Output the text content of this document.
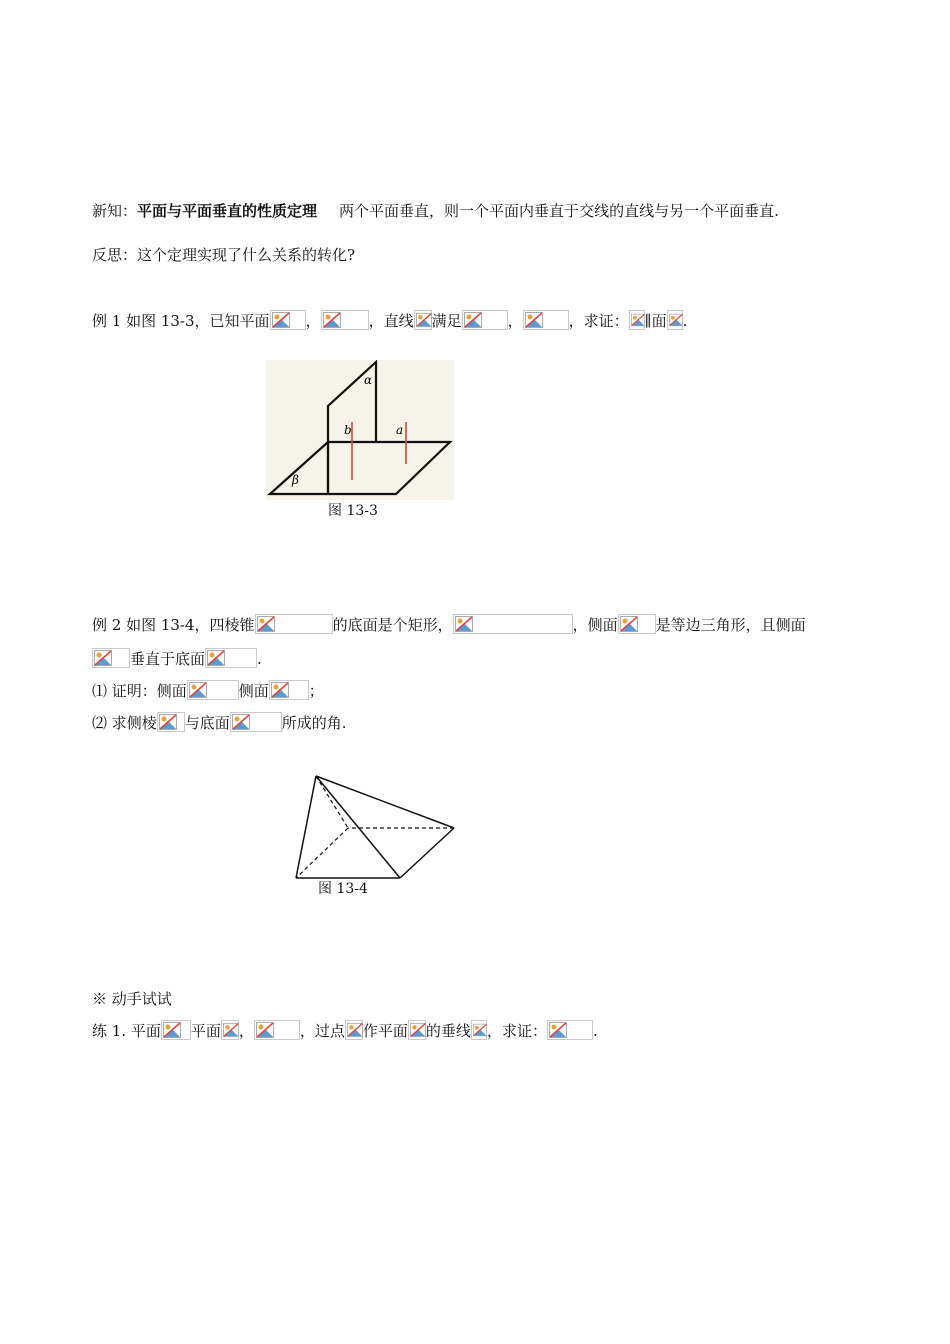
新知：平面与平面垂直的性质定理 两个平面垂直，则一个平面内垂直于交线的直线与另一个平面垂直.
反思：这个定理实现了什么关系的转化?
例 1 如图 13-3，已知平面 ，	，直线 满足	，	，求证： ∥面 .
α
β
a
b
图 13-3
例 2 如图 13-4，四棱锥	的底面是个矩形，	，侧面	是等边三角形，且侧面
垂直于底面	.
⑴ 证明：侧面	侧面	；
⑵ 求侧棱 与底面	所成的角.
图 13-4
※ 动手试试
练 1. 平面 平面 ，	，过点 作平面 的垂线 ，求证：	.
